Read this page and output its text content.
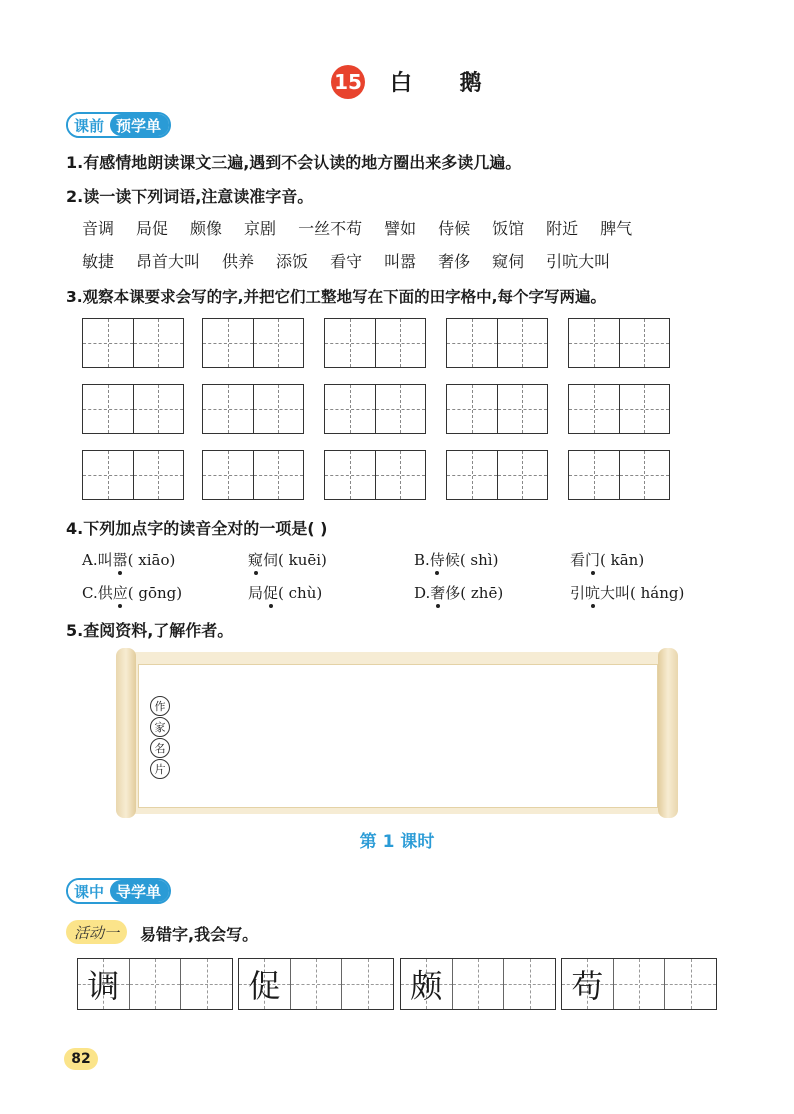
15 白 鹅
课前 预学单
1.有感情地朗读课文三遍,遇到不会认读的地方圈出来多读几遍。
2.读一读下列词语,注意读准字音。
音调 局促 颇像 京剧 一丝不苟 譬如 侍候 饭馆 附近 脾气
敏捷 昂首大叫 供养 添饭 看守 叫嚣 奢侈 窥伺 引吭大叫
3.观察本课要求会写的字,并把它们工整地写在下面的田字格中,每个字写两遍。
4.下列加点字的读音全对的一项是( )
A.叫嚣( xiāo)	窥伺( kuēi)	B.侍候( shì)	看门( kān)
C.供应( gōng)	局促( chù)	D.奢侈( zhē)	引吭大叫( háng)
5.查阅资料,了解作者。
作
家
名
片
第 1 课时
课中 导学单
活动一	易错字,我会写。
调	促	颇	苟
82
